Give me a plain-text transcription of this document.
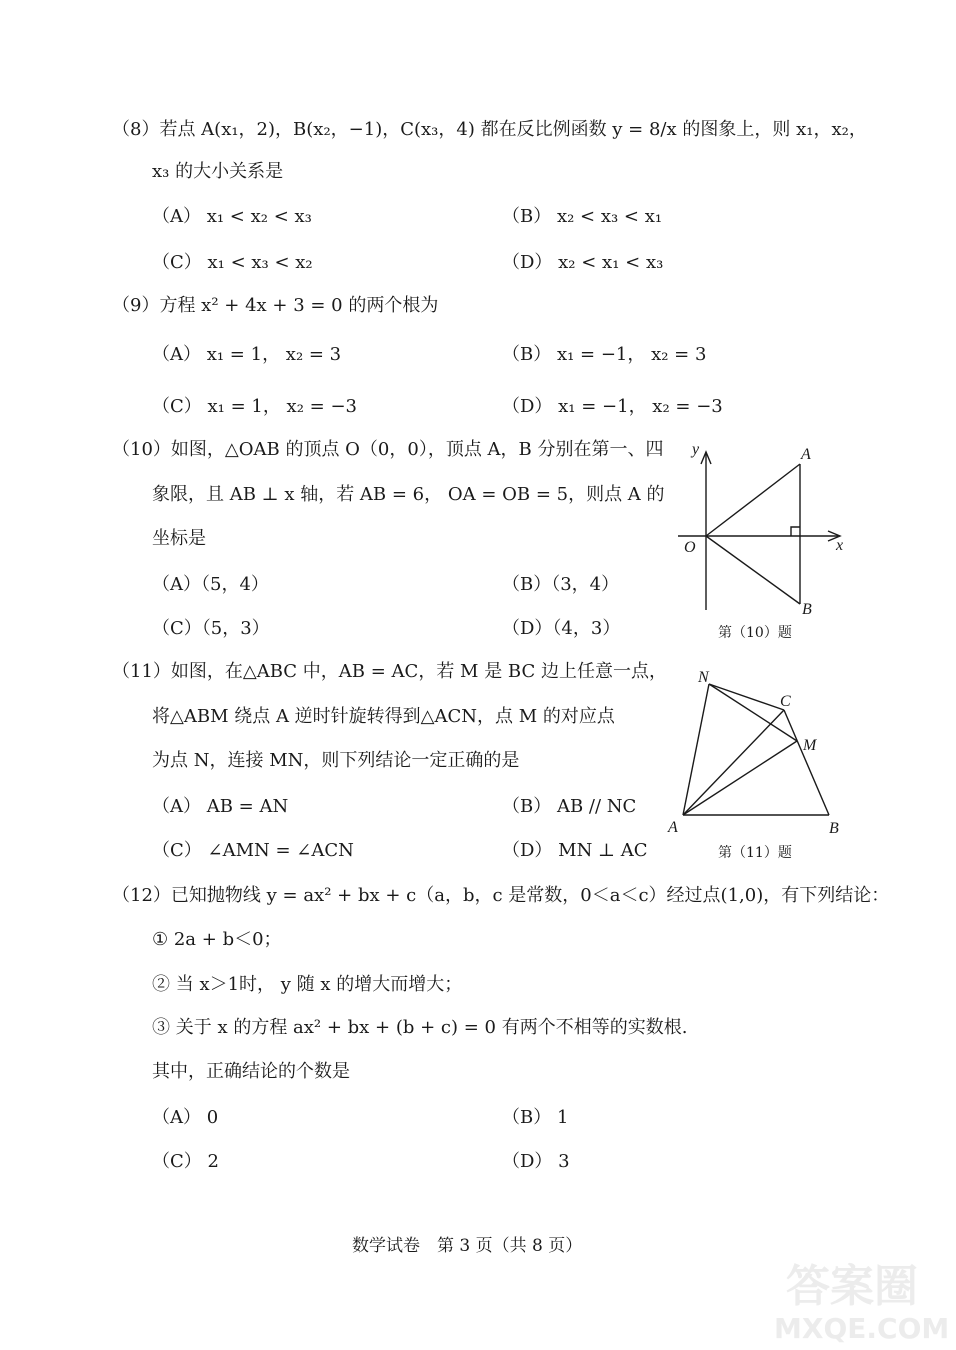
（8）若点 A(x₁，2)，B(x₂，−1)，C(x₃，4) 都在反比例函数 y = 8/x 的图象上，则 x₁，x₂，
x₃ 的大小关系是
（A） x₁ < x₂ < x₃	（B） x₂ < x₃ < x₁
（C） x₁ < x₃ < x₂	（D） x₂ < x₁ < x₃
（9）方程 x² + 4x + 3 = 0 的两个根为
（A） x₁ = 1， x₂ = 3	（B） x₁ = −1， x₂ = 3
（C） x₁ = 1， x₂ = −3	（D） x₁ = −1， x₂ = −3
（10）如图，△OAB 的顶点 O（0，0），顶点 A，B 分别在第一、四
象限，且 AB ⊥ x 轴，若 AB = 6， OA = OB = 5，则点 A 的
坐标是
（A）（5，4）	（B）（3，4）
（C）（5，3）	（D）（4，3）
y
x
O
A
B
第（10）题
（11）如图，在△ABC 中，AB = AC，若 M 是 BC 边上任意一点，
将△ABM 绕点 A 逆时针旋转得到△ACN，点 M 的对应点
为点 N，连接 MN，则下列结论一定正确的是
（A） AB = AN	（B） AB // NC
（C） ∠AMN = ∠ACN	（D） MN ⊥ AC
N
C
M
A	B
第（11）题
（12）已知抛物线 y = ax² + bx + c（a，b，c 是常数，0＜a＜c）经过点(1,0)，有下列结论：
① 2a + b＜0；
② 当 x＞1时， y 随 x 的增大而增大；
③ 关于 x 的方程 ax² + bx + (b + c) = 0 有两个不相等的实数根.
其中，正确结论的个数是
（A） 0	（B） 1
（C） 2	（D） 3
数学试卷　第 3 页（共 8 页）
答案圈
MXQE.COM
